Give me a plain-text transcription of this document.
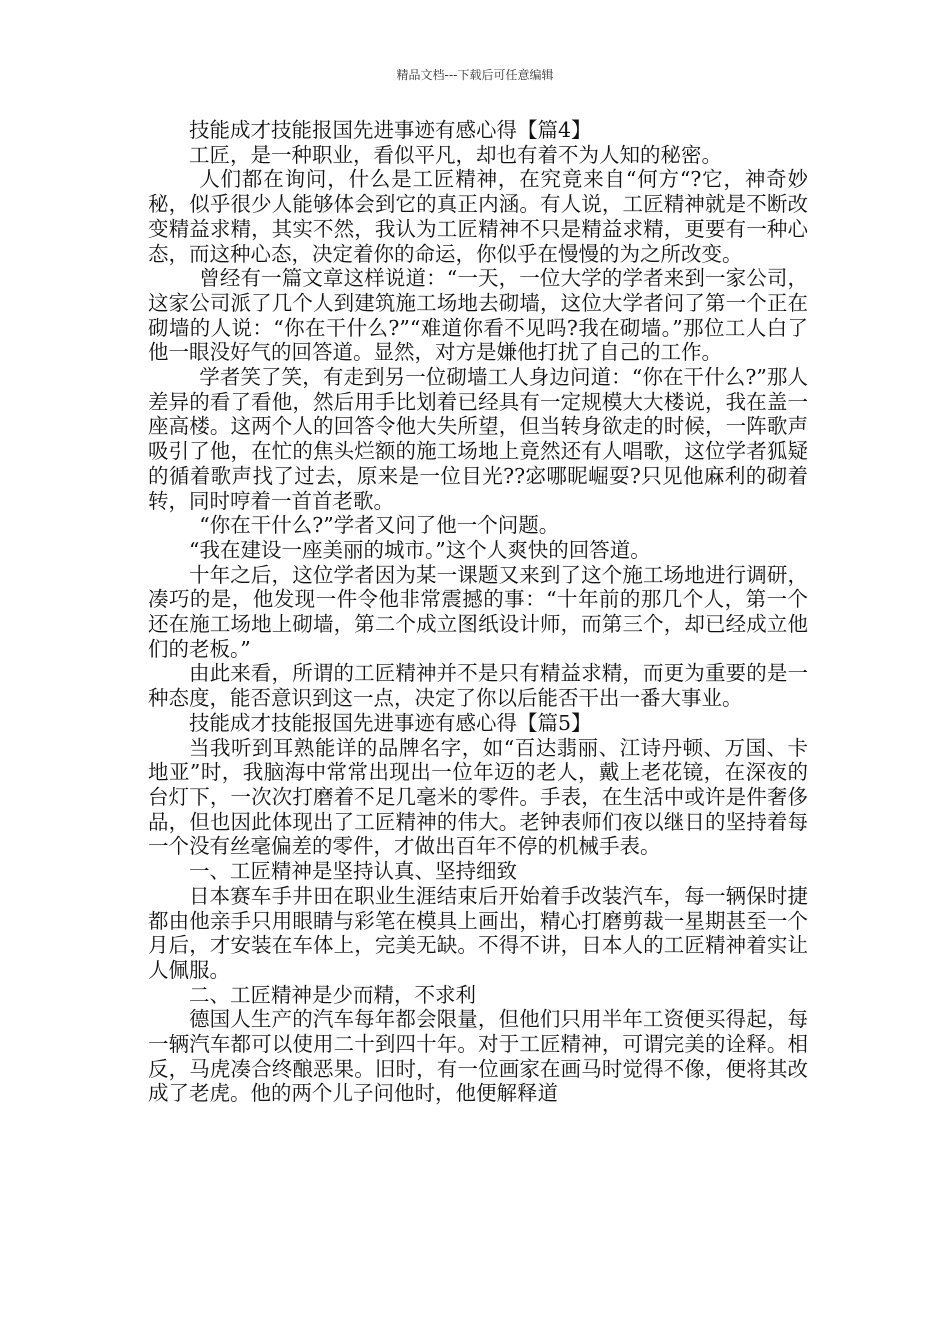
精品文档---下载后可任意编辑

技能成才技能报国先进事迹有感心得【篇4】

工匠，是一种职业，看似平凡，却也有着不为人知的秘密。

人们都在询问，什么是工匠精神，在究竟来自“何方“?它，神奇妙秘，似乎很少人能够体会到它的真正内涵。有人说，工匠精神就是不断改变精益求精，其实不然，我认为工匠精神不只是精益求精，更要有一种心态，而这种心态，决定着你的命运，你似乎在慢慢的为之所改变。

曾经有一篇文章这样说道：“一天，一位大学的学者来到一家公司，这家公司派了几个人到建筑施工场地去砌墙，这位大学者问了第一个正在砌墙的人说：“你在干什么?”“难道你看不见吗?我在砌墙。”那位工人白了他一眼没好气的回答道。显然，对方是嫌他打扰了自己的工作。

学者笑了笑，有走到另一位砌墙工人身边问道：“你在干什么?”那人差异的看了看他，然后用手比划着已经具有一定规模大大楼说，我在盖一座高楼。这两个人的回答令他大失所望，但当转身欲走的时候，一阵歌声吸引了他，在忙的焦头烂额的施工场地上竟然还有人唱歌，这位学者狐疑的循着歌声找了过去，原来是一位目光??宓哪昵崛耍?只见他麻利的砌着转，同时哼着一首首老歌。

“你在干什么?”学者又问了他一个问题。

“我在建设一座美丽的城市。”这个人爽快的回答道。

十年之后，这位学者因为某一课题又来到了这个施工场地进行调研，凑巧的是，他发现一件令他非常震撼的事：“十年前的那几个人，第一个还在施工场地上砌墙，第二个成立图纸设计师，而第三个，却已经成立他们的老板。”

由此来看，所谓的工匠精神并不是只有精益求精，而更为重要的是一种态度，能否意识到这一点，决定了你以后能否干出一番大事业。

技能成才技能报国先进事迹有感心得【篇5】

当我听到耳熟能详的品牌名字，如“百达翡丽、江诗丹顿、万国、卡地亚”时，我脑海中常常出现出一位年迈的老人，戴上老花镜，在深夜的台灯下，一次次打磨着不足几毫米的零件。手表，在生活中或许是件奢侈品，但也因此体现出了工匠精神的伟大。老钟表师们夜以继日的坚持着每一个没有丝毫偏差的零件，才做出百年不停的机械手表。

一、工匠精神是坚持认真、坚持细致

日本赛车手井田在职业生涯结束后开始着手改装汽车，每一辆保时捷都由他亲手只用眼睛与彩笔在模具上画出，精心打磨剪裁一星期甚至一个月后，才安装在车体上，完美无缺。不得不讲，日本人的工匠精神着实让人佩服。

二、工匠精神是少而精，不求利

德国人生产的汽车每年都会限量，但他们只用半年工资便买得起，每一辆汽车都可以使用二十到四十年。对于工匠精神，可谓完美的诠释。相反，马虎凑合终酿恶果。旧时，有一位画家在画马时觉得不像，便将其改成了老虎。他的两个儿子问他时，他便解释道
